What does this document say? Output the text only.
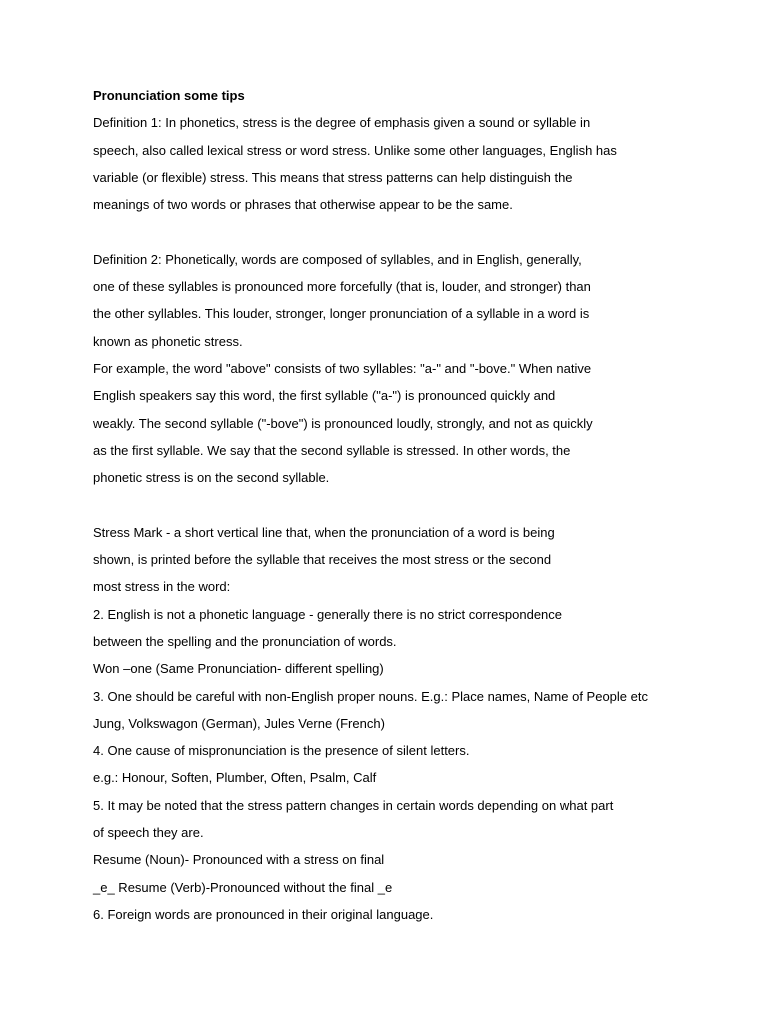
Pronunciation some tips
Definition 1: In phonetics, stress is the degree of emphasis given a sound or syllable in
speech, also called lexical stress or word stress. Unlike some other languages, English has
variable (or flexible) stress. This means that stress patterns can help distinguish the
meanings of two words or phrases that otherwise appear to be the same.
Definition 2: Phonetically, words are composed of syllables, and in English, generally,
one of these syllables is pronounced more forcefully (that is, louder, and stronger) than
the other syllables. This louder, stronger, longer pronunciation of a syllable in a word is
known as phonetic stress.
For example, the word "above" consists of two syllables: "a-" and "-bove." When native
English speakers say this word, the first syllable ("a-") is pronounced quickly and
weakly. The second syllable ("-bove") is pronounced loudly, strongly, and not as quickly
as the first syllable. We say that the second syllable is stressed. In other words, the
phonetic stress is on the second syllable.
Stress Mark - a short vertical line that, when the pronunciation of a word is being
shown, is printed before the syllable that receives the most stress or the second
most stress in the word:
2. English is not a phonetic language - generally there is no strict correspondence
between the spelling and the pronunciation of words.
Won –one (Same Pronunciation- different spelling)
3. One should be careful with non-English proper nouns. E.g.: Place names, Name of People etc
Jung, Volkswagon (German), Jules Verne (French)
4. One cause of mispronunciation is the presence of silent letters.
e.g.: Honour, Soften, Plumber, Often, Psalm, Calf
5. It may be noted that the stress pattern changes in certain words depending on what part
of speech they are.
Resume (Noun)- Pronounced with a stress on final
_e_ Resume (Verb)-Pronounced without the final _e
6. Foreign words are pronounced in their original language.
